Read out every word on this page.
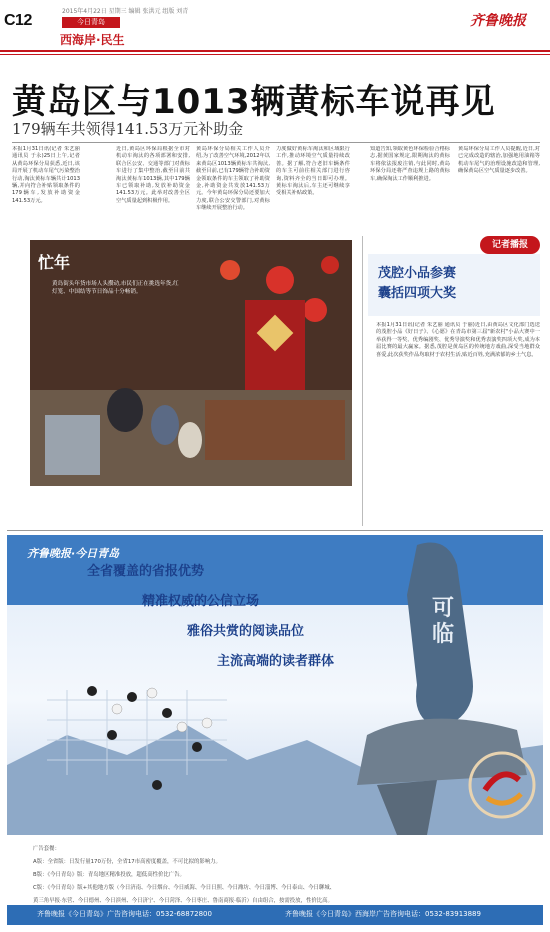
C12
2015年4月22日 星期三 编辑 张洪元 组版 刘青
今日青岛
西海岸·民生
齐鲁晚报
黄岛区与1013辆黄标车说再见
179辆车共领得141.53万元补助金
本报1月31日讯(记者 朱艺丽通讯员 于永)25日上午,记者从黄岛环保分局获悉,近日,该局开展了机动车尾气污染整治行动,淘汰黄标车辆共计1013辆,并向符合补贴领取条件的179辆车,发放补助资金141.53万元。
近日,黄岛区环保局根据全市对机动车淘汰的各项部署和安排,联合区公安、交通等部门对黄标车进行了集中整治,截至目前共淘汰黄标车1013辆,其中179辆车已领取补助,发放补助资金141.53万元。此举对改善全区空气质量起到积极作用。
黄岛环保分局相关工作人员介绍,为了改善空气环境,2012年以来黄岛区1013辆黄标车共淘汰,截至目前,已有179辆符合补助资金领取条件的车主领取了补助资金,补助资金共发放141.53万元。今年黄岛环保分局还要加大力度,联合公安交警部门,对黄标车继续开展整治行动。
力度做好黄标车淘汰和区域限行工作,推动环境空气质量持续改善。据了解,符合老旧车辆条件的车主可前往相关部门进行咨询,资料齐全的当日即可办理。黄标车淘汰后,车主还可继续享受相关补贴政策。
知道告知,领取黄色环保检验合格标志,据黄国家规定,限期淘汰的黄标车将依法报废注销,与此同时,黄岛环保分局还将严查违规上路的黄标车,确保淘汰工作顺利推进。
黄岛环保分局工作人员提醒,近日,对已完成改造的辖治,加强地用油箱等机动车尾气的治理设施改造和管理,确保黄岛区空气质量逐步改善。
忙年
黄岛街头年货市场人头攒动,市民们正在挑选年货,红灯笼、中国结等节日饰品十分畅销。
记者播报
茂腔小品参赛
囊括四项大奖
本报1月31日讯(记者 朱艺丽 通讯员 于丽)近日,由黄岛区文化部门选送的茂腔小品《好日子》、《心愿》在青岛市第三届"新农村"小品大赛中一举获得一等奖、优秀编剧奖、优秀导演奖和优秀表演奖四项大奖,成为本届比赛的最大赢家。据悉,茂腔是黄岛区的传统地方戏曲,深受当地群众喜爱,此次获奖作品均取材于农村生活,贴近百姓,充满浓郁的乡土气息。
齐鲁晚报·今日青岛
全省覆盖的省报优势
精准权威的公信立场
雅俗共赏的阅读品位
主流高端的读者群体
可临
广告套餐：
A版：全省版：日发行量170万份，全省17市高密度覆盖，不可比拟的影响力。
B版：《今日青岛》版：青岛地区精准投放，超低高性价比广告。
C版：《今日青岛》版+其他地方版（今日济南、今日烟台、今日威海、今日日照、今日潍坊、今日淄博、今日泰山、今日聊城、
黄三角早报·东营、今日德州、今日滨州、今日济宁、今日菏泽、今日枣庄、鲁南商报·临沂）自由组合，按需投放，性价比高。
齐鲁晚报《今日青岛》广告咨询电话：0532-68872800	齐鲁晚报《今日青岛》西海岸广告咨询电话：0532-83913889
